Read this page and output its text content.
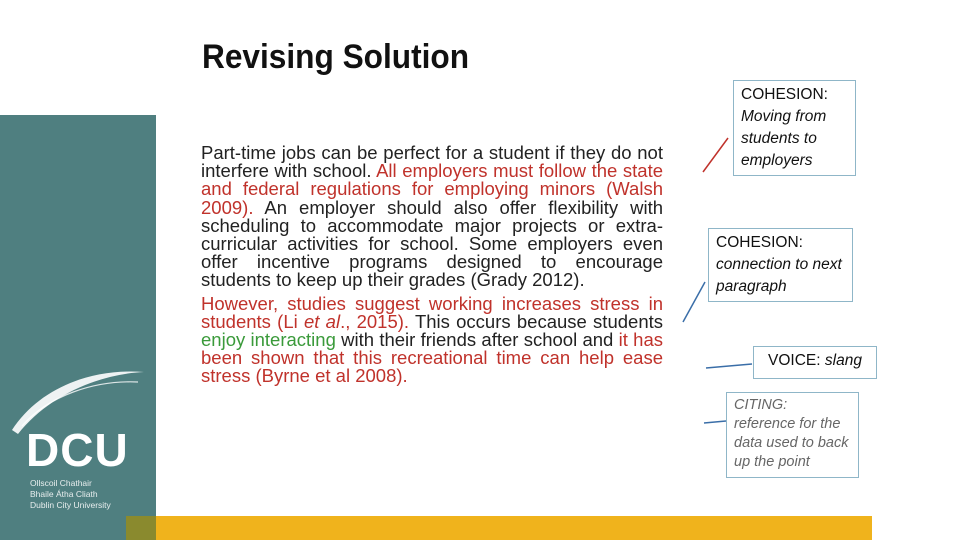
DCU
Ollscoil Chathair
Bhaile Átha Cliath
Dublin City University
Revising Solution

Part-time jobs can be perfect for a student if they do not interfere with school. All employers must follow the state and federal regulations for employing minors (Walsh 2009). An employer should also offer flexibility with scheduling to accommodate major projects or extra-curricular activities for school. Some employers even offer incentive programs designed to encourage students to keep up their grades (Grady 2012).

However, studies suggest working increases stress in students (Li et al., 2015). This occurs because students enjoy interacting with their friends after school and it has been shown that this recreational time can help ease stress (Byrne et al 2008).

COHESION:
Moving from students to employers
COHESION:
connection to next paragraph
VOICE: slang
CITING:
reference for the data used to back up the point
